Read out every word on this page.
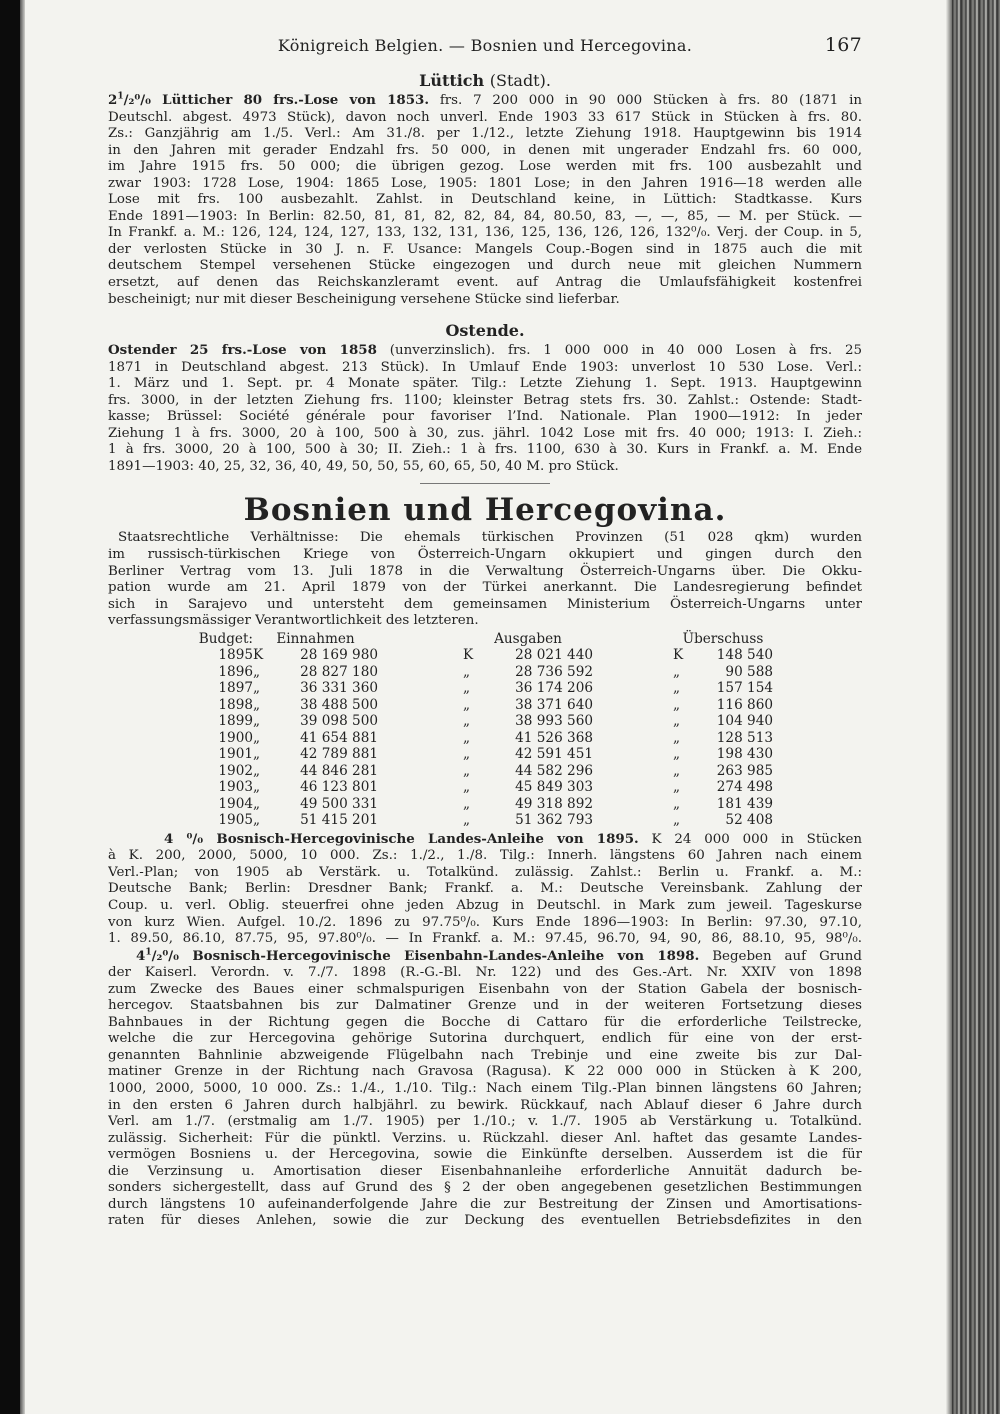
Königreich Belgien. — Bosnien und Hercegovina.	167
Lüttich (Stadt).
$2^1/_2^0/_0$ Lütticher 80 frs.-Lose von 1853. frs. 7 200 000 in 90 000 Stücken à frs. 80 (1871 in
Deutschl. abgest. 4973 Stück), davon noch unverl. Ende 1903 33 617 Stück in Stücken à frs. 80.
Zs.: Ganzjährig am 1./5. Verl.: Am 31./8. per 1./12., letzte Ziehung 1918. Hauptgewinn bis 1914
in den Jahren mit gerader Endzahl frs. 50 000, in denen mit ungerader Endzahl frs. 60 000,
im Jahre 1915 frs. 50 000; die übrigen gezog. Lose werden mit frs. 100 ausbezahlt und
zwar 1903: 1728 Lose, 1904: 1865 Lose, 1905: 1801 Lose; in den Jahren 1916—18 werden alle
Lose mit frs. 100 ausbezahlt. Zahlst. in Deutschland keine, in Lüttich: Stadtkasse. Kurs
Ende 1891—1903: In Berlin: 82.50, 81, 81, 82, 82, 84, 84, 80.50, 83, —, —, 85, — M. per Stück. —
In Frankf. a. M.: 126, 124, 124, 127, 133, 132, 131, 136, 125, 136, 126, 126, 132⁰/₀. Verj. der Coup. in 5,
der verlosten Stücke in 30 J. n. F. Usance: Mangels Coup.-Bogen sind in 1875 auch die mit
deutschem Stempel versehenen Stücke eingezogen und durch neue mit gleichen Nummern
ersetzt, auf denen das Reichskanzleramt event. auf Antrag die Umlaufsfähigkeit kostenfrei
bescheinigt; nur mit dieser Bescheinigung versehene Stücke sind lieferbar.
Ostende.
Ostender 25 frs.-Lose von 1858 (unverzinslich). frs. 1 000 000 in 40 000 Losen à frs. 25
1871 in Deutschland abgest. 213 Stück). In Umlauf Ende 1903: unverlost 10 530 Lose. Verl.:
1. März und 1. Sept. pr. 4 Monate später. Tilg.: Letzte Ziehung 1. Sept. 1913. Hauptgewinn
frs. 3000, in der letzten Ziehung frs. 1100; kleinster Betrag stets frs. 30. Zahlst.: Ostende: Stadt-
kasse; Brüssel: Société générale pour favoriser l’Ind. Nationale. Plan 1900—1912: In jeder
Ziehung 1 à frs. 3000, 20 à 100, 500 à 30, zus. jährl. 1042 Lose mit frs. 40 000; 1913: I. Zieh.:
1 à frs. 3000, 20 à 100, 500 à 30; II. Zieh.: 1 à frs. 1100, 630 à 30. Kurs in Frankf. a. M. Ende
1891—1903: 40, 25, 32, 36, 40, 49, 50, 50, 55, 60, 65, 50, 40 M. pro Stück.
Bosnien und Hercegovina.
Staatsrechtliche Verhältnisse: Die ehemals türkischen Provinzen (51 028 qkm) wurden
im russisch-türkischen Kriege von Österreich-Ungarn okkupiert und gingen durch den
Berliner Vertrag vom 13. Juli 1878 in die Verwaltung Österreich-Ungarns über. Die Okku-
pation wurde am 21. April 1879 von der Türkei anerkannt. Die Landesregierung befindet
sich in Sarajevo und untersteht dem gemeinsamen Ministerium Österreich-Ungarns unter
verfassungsmässiger Verantwortlichkeit des letzteren.
Budget:	Einnahmen			Ausgaben			Überschuss		
1895	K	28 169 980		K	28 021 440		K	148 540	
1896	„	28 827 180		„	28 736 592		„	90 588	
1897	„	36 331 360		„	36 174 206		„	157 154	
1898	„	38 488 500		„	38 371 640		„	116 860	
1899	„	39 098 500		„	38 993 560		„	104 940	
1900	„	41 654 881		„	41 526 368		„	128 513	
1901	„	42 789 881		„	42 591 451		„	198 430	
1902	„	44 846 281		„	44 582 296		„	263 985	
1903	„	46 123 801		„	45 849 303		„	274 498	
1904	„	49 500 331		„	49 318 892		„	181 439	
1905	„	51 415 201		„	51 362 793		„	52 408	
4 ⁰/₀ Bosnisch-Hercegovinische Landes-Anleihe von 1895. K 24 000 000 in Stücken
à K. 200, 2000, 5000, 10 000. Zs.: 1./2., 1./8. Tilg.: Innerh. längstens 60 Jahren nach einem
Verl.-Plan; von 1905 ab Verstärk. u. Totalkünd. zulässig. Zahlst.: Berlin u. Frankf. a. M.:
Deutsche Bank; Berlin: Dresdner Bank; Frankf. a. M.: Deutsche Vereinsbank. Zahlung der
Coup. u. verl. Oblig. steuerfrei ohne jeden Abzug in Deutschl. in Mark zum jeweil. Tageskurse
von kurz Wien. Aufgel. 10./2. 1896 zu 97.75⁰/₀. Kurs Ende 1896—1903: In Berlin: 97.30, 97.10,
1. 89.50, 86.10, 87.75, 95, 97.80⁰/₀. — In Frankf. a. M.: 97.45, 96.70, 94, 90, 86, 88.10, 95, 98⁰/₀.
$4^1/_2^0/_0$ Bosnisch-Hercegovinische Eisenbahn-Landes-Anleihe von 1898. Begeben auf Grund
der Kaiserl. Verordn. v. 7./7. 1898 (R.-G.-Bl. Nr. 122) und des Ges.-Art. Nr. XXIV von 1898
zum Zwecke des Baues einer schmalspurigen Eisenbahn von der Station Gabela der bosnisch-
hercegov. Staatsbahnen bis zur Dalmatiner Grenze und in der weiteren Fortsetzung dieses
Bahnbaues in der Richtung gegen die Bocche di Cattaro für die erforderliche Teilstrecke,
welche die zur Hercegovina gehörige Sutorina durchquert, endlich für eine von der erst-
genannten Bahnlinie abzweigende Flügelbahn nach Trebinje und eine zweite bis zur Dal-
matiner Grenze in der Richtung nach Gravosa (Ragusa). K 22 000 000 in Stücken à K 200,
1000, 2000, 5000, 10 000. Zs.: 1./4., 1./10. Tilg.: Nach einem Tilg.-Plan binnen längstens 60 Jahren;
in den ersten 6 Jahren durch halbjährl. zu bewirk. Rückkauf, nach Ablauf dieser 6 Jahre durch
Verl. am 1./7. (erstmalig am 1./7. 1905) per 1./10.; v. 1./7. 1905 ab Verstärkung u. Totalkünd.
zulässig. Sicherheit: Für die pünktl. Verzins. u. Rückzahl. dieser Anl. haftet das gesamte Landes-
vermögen Bosniens u. der Hercegovina, sowie die Einkünfte derselben. Ausserdem ist die für
die Verzinsung u. Amortisation dieser Eisenbahnanleihe erforderliche Annuität dadurch be-
sonders sichergestellt, dass auf Grund des § 2 der oben angegebenen gesetzlichen Bestimmungen
durch längstens 10 aufeinanderfolgende Jahre die zur Bestreitung der Zinsen und Amortisations-
raten für dieses Anlehen, sowie die zur Deckung des eventuellen Betriebsdefizites in den
